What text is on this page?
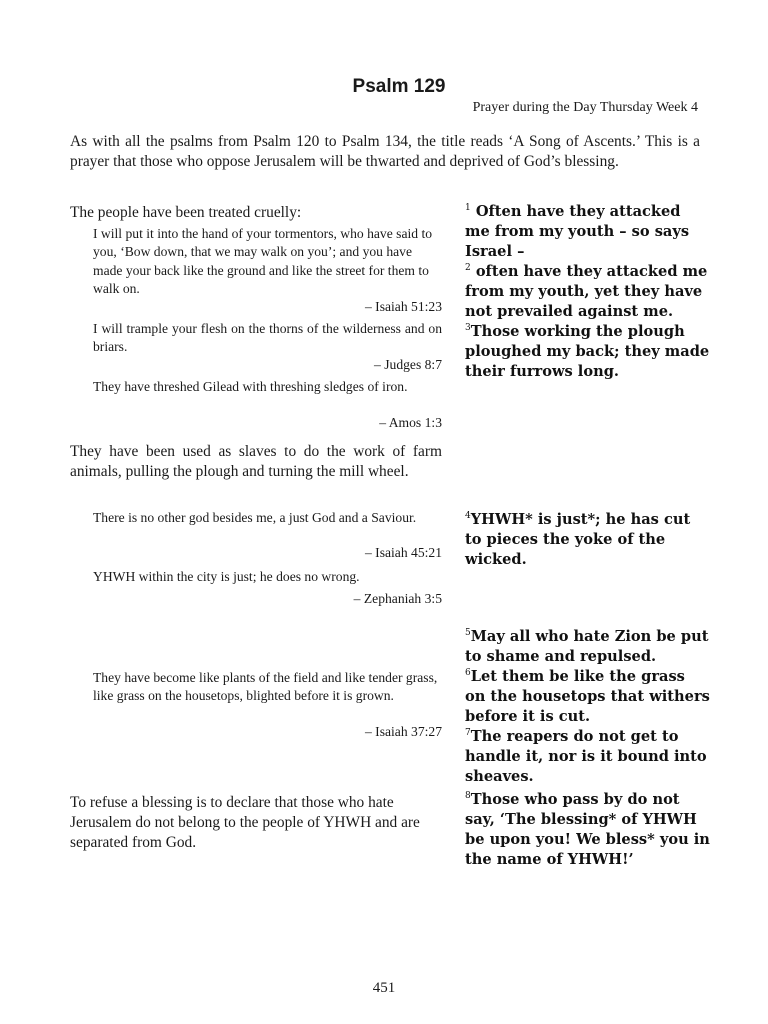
Psalm 129
Prayer during the Day Thursday Week 4
As with all the psalms from Psalm 120 to Psalm 134, the title reads ‘A Song of Ascents.’ This is a prayer that those who oppose Jerusalem will be thwarted and deprived of God’s blessing.
The people have been treated cruelly:
I will put it into the hand of your tormentors, who have said to you, ‘Bow down, that we may walk on you’; and you have made your back like the ground and like the street for them to walk on.
– Isaiah 51:23
I will trample your flesh on the thorns of the wilderness and on briars.
– Judges 8:7
They have threshed Gilead with threshing sledges of iron.
– Amos 1:3
They have been used as slaves to do the work of farm animals, pulling the plough and turning the mill wheel.
There is no other god besides me, a just God and a Saviour.
– Isaiah 45:21
YHWH within the city is just; he does no wrong.
– Zephaniah 3:5
They have become like plants of the field and like tender grass, like grass on the housetops, blighted before it is grown.
– Isaiah 37:27
To refuse a blessing is to declare that those who hate Jerusalem do not belong to the people of YHWH and are separated from God.

$^1$ Often have they attacked me from my youth – so says Israel –

$^2$ often have they attacked me from my youth, yet they have not prevailed against me.

$^3$Those working the plough ploughed my back; they made their furrows long.

$^4$YHWH* is just*; he has cut to pieces the yoke of the wicked.

$^5$May all who hate Zion be put to shame and repulsed.

$^6$Let them be like the grass on the housetops that withers before it is cut.

$^7$The reapers do not get to handle it, nor is it bound into sheaves.

$^8$Those who pass by do not say, ‘The blessing* of YHWH be upon you! We bless* you in the name of YHWH!’

451
